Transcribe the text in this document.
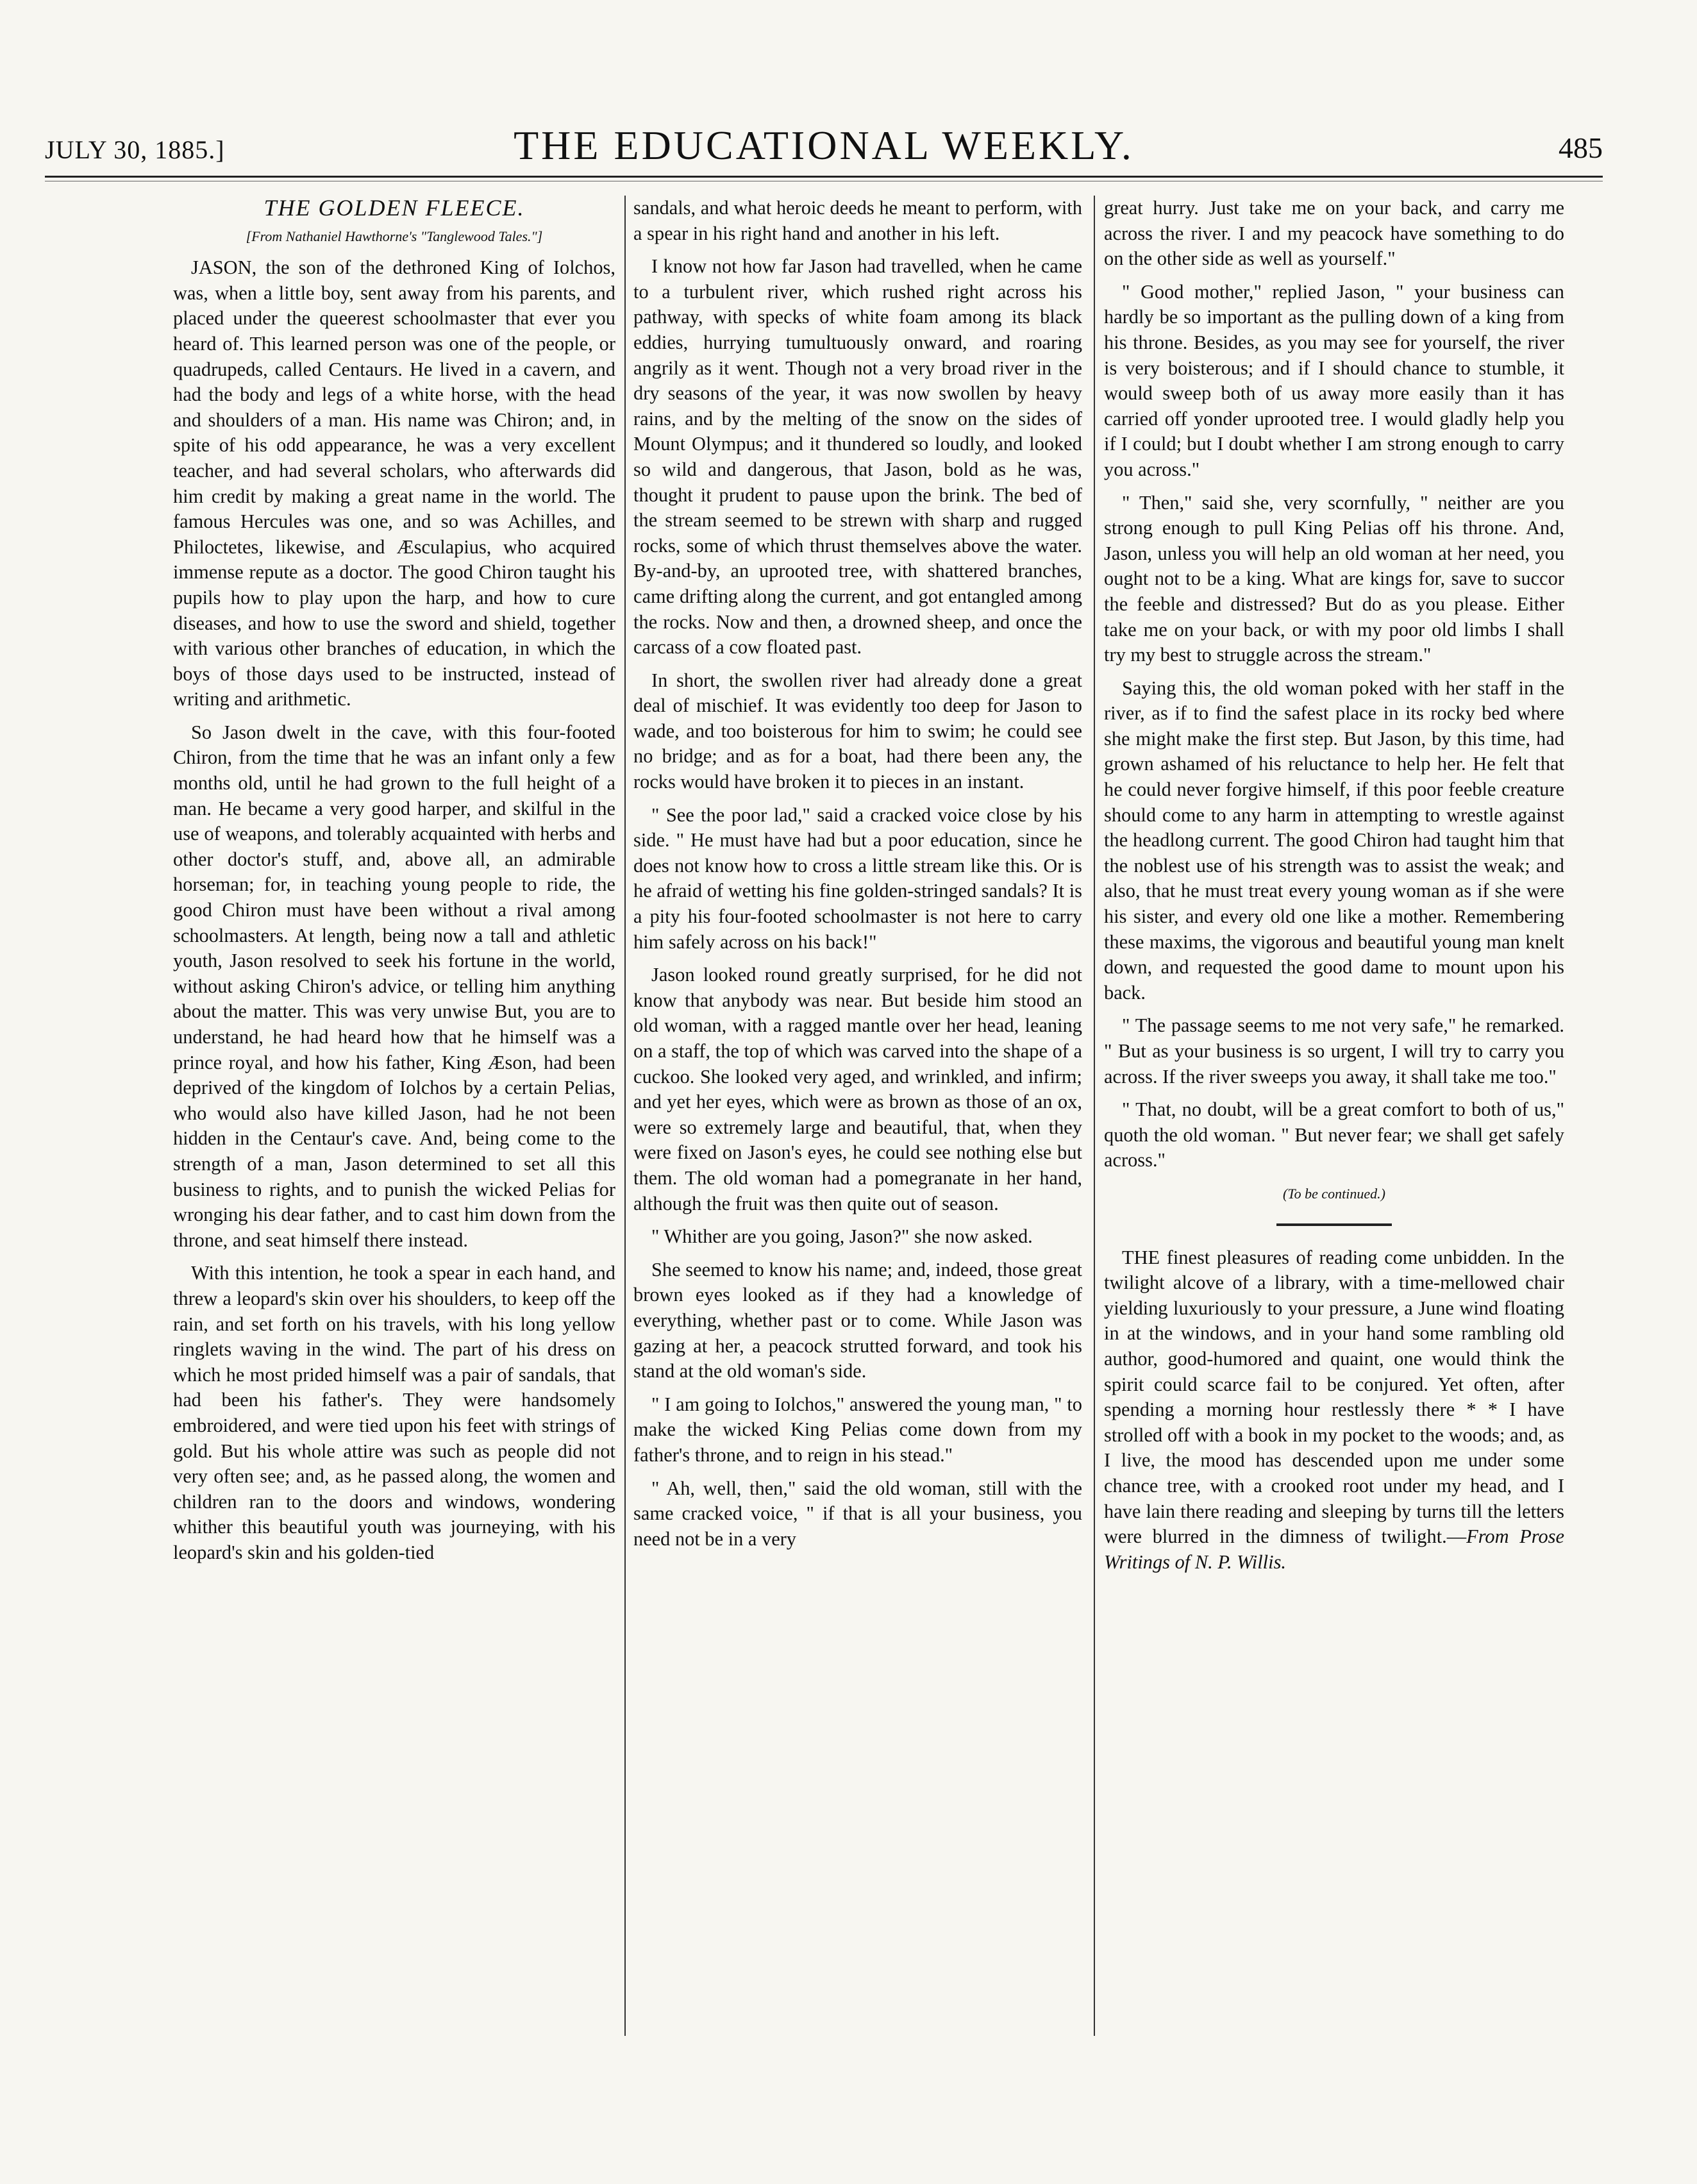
JULY 30, 1885.]	THE EDUCATIONAL WEEKLY.	485
THE GOLDEN FLEECE.
[From Nathaniel Hawthorne's "Tanglewood Tales."]

JASON, the son of the dethroned King of Iolchos, was, when a little boy, sent away from his parents, and placed under the queerest schoolmaster that ever you heard of. This learned person was one of the people, or quadrupeds, called Centaurs. He lived in a cavern, and had the body and legs of a white horse, with the head and shoulders of a man. His name was Chiron; and, in spite of his odd appearance, he was a very excellent teacher, and had several scholars, who afterwards did him credit by making a great name in the world. The famous Hercules was one, and so was Achilles, and Philoctetes, likewise, and Æsculapius, who acquired immense repute as a doctor. The good Chiron taught his pupils how to play upon the harp, and how to cure diseases, and how to use the sword and shield, together with various other branches of education, in which the boys of those days used to be instructed, instead of writing and arithmetic.

So Jason dwelt in the cave, with this four-footed Chiron, from the time that he was an infant only a few months old, until he had grown to the full height of a man. He became a very good harper, and skilful in the use of weapons, and tolerably acquainted with herbs and other doctor's stuff, and, above all, an admirable horseman; for, in teaching young people to ride, the good Chiron must have been without a rival among schoolmasters. At length, being now a tall and athletic youth, Jason resolved to seek his fortune in the world, without asking Chiron's advice, or telling him anything about the matter. This was very unwise But, you are to understand, he had heard how that he himself was a prince royal, and how his father, King Æson, had been deprived of the kingdom of Iolchos by a certain Pelias, who would also have killed Jason, had he not been hidden in the Centaur's cave. And, being come to the strength of a man, Jason determined to set all this business to rights, and to punish the wicked Pelias for wronging his dear father, and to cast him down from the throne, and seat himself there instead.

With this intention, he took a spear in each hand, and threw a leopard's skin over his shoulders, to keep off the rain, and set forth on his travels, with his long yellow ringlets waving in the wind. The part of his dress on which he most prided himself was a pair of sandals, that had been his father's. They were handsomely embroidered, and were tied upon his feet with strings of gold. But his whole attire was such as people did not very often see; and, as he passed along, the women and children ran to the doors and windows, wondering whither this beautiful youth was journeying, with his leopard's skin and his golden-tied

sandals, and what heroic deeds he meant to perform, with a spear in his right hand and another in his left.

I know not how far Jason had travelled, when he came to a turbulent river, which rushed right across his pathway, with specks of white foam among its black eddies, hurrying tumultuously onward, and roaring angrily as it went. Though not a very broad river in the dry seasons of the year, it was now swollen by heavy rains, and by the melting of the snow on the sides of Mount Olympus; and it thundered so loudly, and looked so wild and dangerous, that Jason, bold as he was, thought it prudent to pause upon the brink. The bed of the stream seemed to be strewn with sharp and rugged rocks, some of which thrust themselves above the water. By-and-by, an uprooted tree, with shattered branches, came drifting along the current, and got entangled among the rocks. Now and then, a drowned sheep, and once the carcass of a cow floated past.

In short, the swollen river had already done a great deal of mischief. It was evidently too deep for Jason to wade, and too boisterous for him to swim; he could see no bridge; and as for a boat, had there been any, the rocks would have broken it to pieces in an instant.

" See the poor lad," said a cracked voice close by his side. " He must have had but a poor education, since he does not know how to cross a little stream like this. Or is he afraid of wetting his fine golden-stringed sandals? It is a pity his four-footed schoolmaster is not here to carry him safely across on his back!"

Jason looked round greatly surprised, for he did not know that anybody was near. But beside him stood an old woman, with a ragged mantle over her head, leaning on a staff, the top of which was carved into the shape of a cuckoo. She looked very aged, and wrinkled, and infirm; and yet her eyes, which were as brown as those of an ox, were so extremely large and beautiful, that, when they were fixed on Jason's eyes, he could see nothing else but them. The old woman had a pomegranate in her hand, although the fruit was then quite out of season.

" Whither are you going, Jason?" she now asked.

She seemed to know his name; and, indeed, those great brown eyes looked as if they had a knowledge of everything, whether past or to come. While Jason was gazing at her, a peacock strutted forward, and took his stand at the old woman's side.

" I am going to Iolchos," answered the young man, " to make the wicked King Pelias come down from my father's throne, and to reign in his stead."

" Ah, well, then," said the old woman, still with the same cracked voice, " if that is all your business, you need not be in a very

great hurry. Just take me on your back, and carry me across the river. I and my peacock have something to do on the other side as well as yourself."

" Good mother," replied Jason, " your business can hardly be so important as the pulling down of a king from his throne. Besides, as you may see for yourself, the river is very boisterous; and if I should chance to stumble, it would sweep both of us away more easily than it has carried off yonder uprooted tree. I would gladly help you if I could; but I doubt whether I am strong enough to carry you across."

" Then," said she, very scornfully, " neither are you strong enough to pull King Pelias off his throne. And, Jason, unless you will help an old woman at her need, you ought not to be a king. What are kings for, save to succor the feeble and distressed? But do as you please. Either take me on your back, or with my poor old limbs I shall try my best to struggle across the stream."

Saying this, the old woman poked with her staff in the river, as if to find the safest place in its rocky bed where she might make the first step. But Jason, by this time, had grown ashamed of his reluctance to help her. He felt that he could never forgive himself, if this poor feeble creature should come to any harm in attempting to wrestle against the headlong current. The good Chiron had taught him that the noblest use of his strength was to assist the weak; and also, that he must treat every young woman as if she were his sister, and every old one like a mother. Remembering these maxims, the vigorous and beautiful young man knelt down, and requested the good dame to mount upon his back.

" The passage seems to me not very safe," he remarked. " But as your business is so urgent, I will try to carry you across. If the river sweeps you away, it shall take me too."

" That, no doubt, will be a great comfort to both of us," quoth the old woman. " But never fear; we shall get safely across."

(To be continued.)

THE finest pleasures of reading come unbidden. In the twilight alcove of a library, with a time-mellowed chair yielding luxuriously to your pressure, a June wind floating in at the windows, and in your hand some rambling old author, good-humored and quaint, one would think the spirit could scarce fail to be conjured. Yet often, after spending a morning hour restlessly there * * I have strolled off with a book in my pocket to the woods; and, as I live, the mood has descended upon me under some chance tree, with a crooked root under my head, and I have lain there reading and sleeping by turns till the letters were blurred in the dimness of twilight.—From Prose Writings of N. P. Willis.
